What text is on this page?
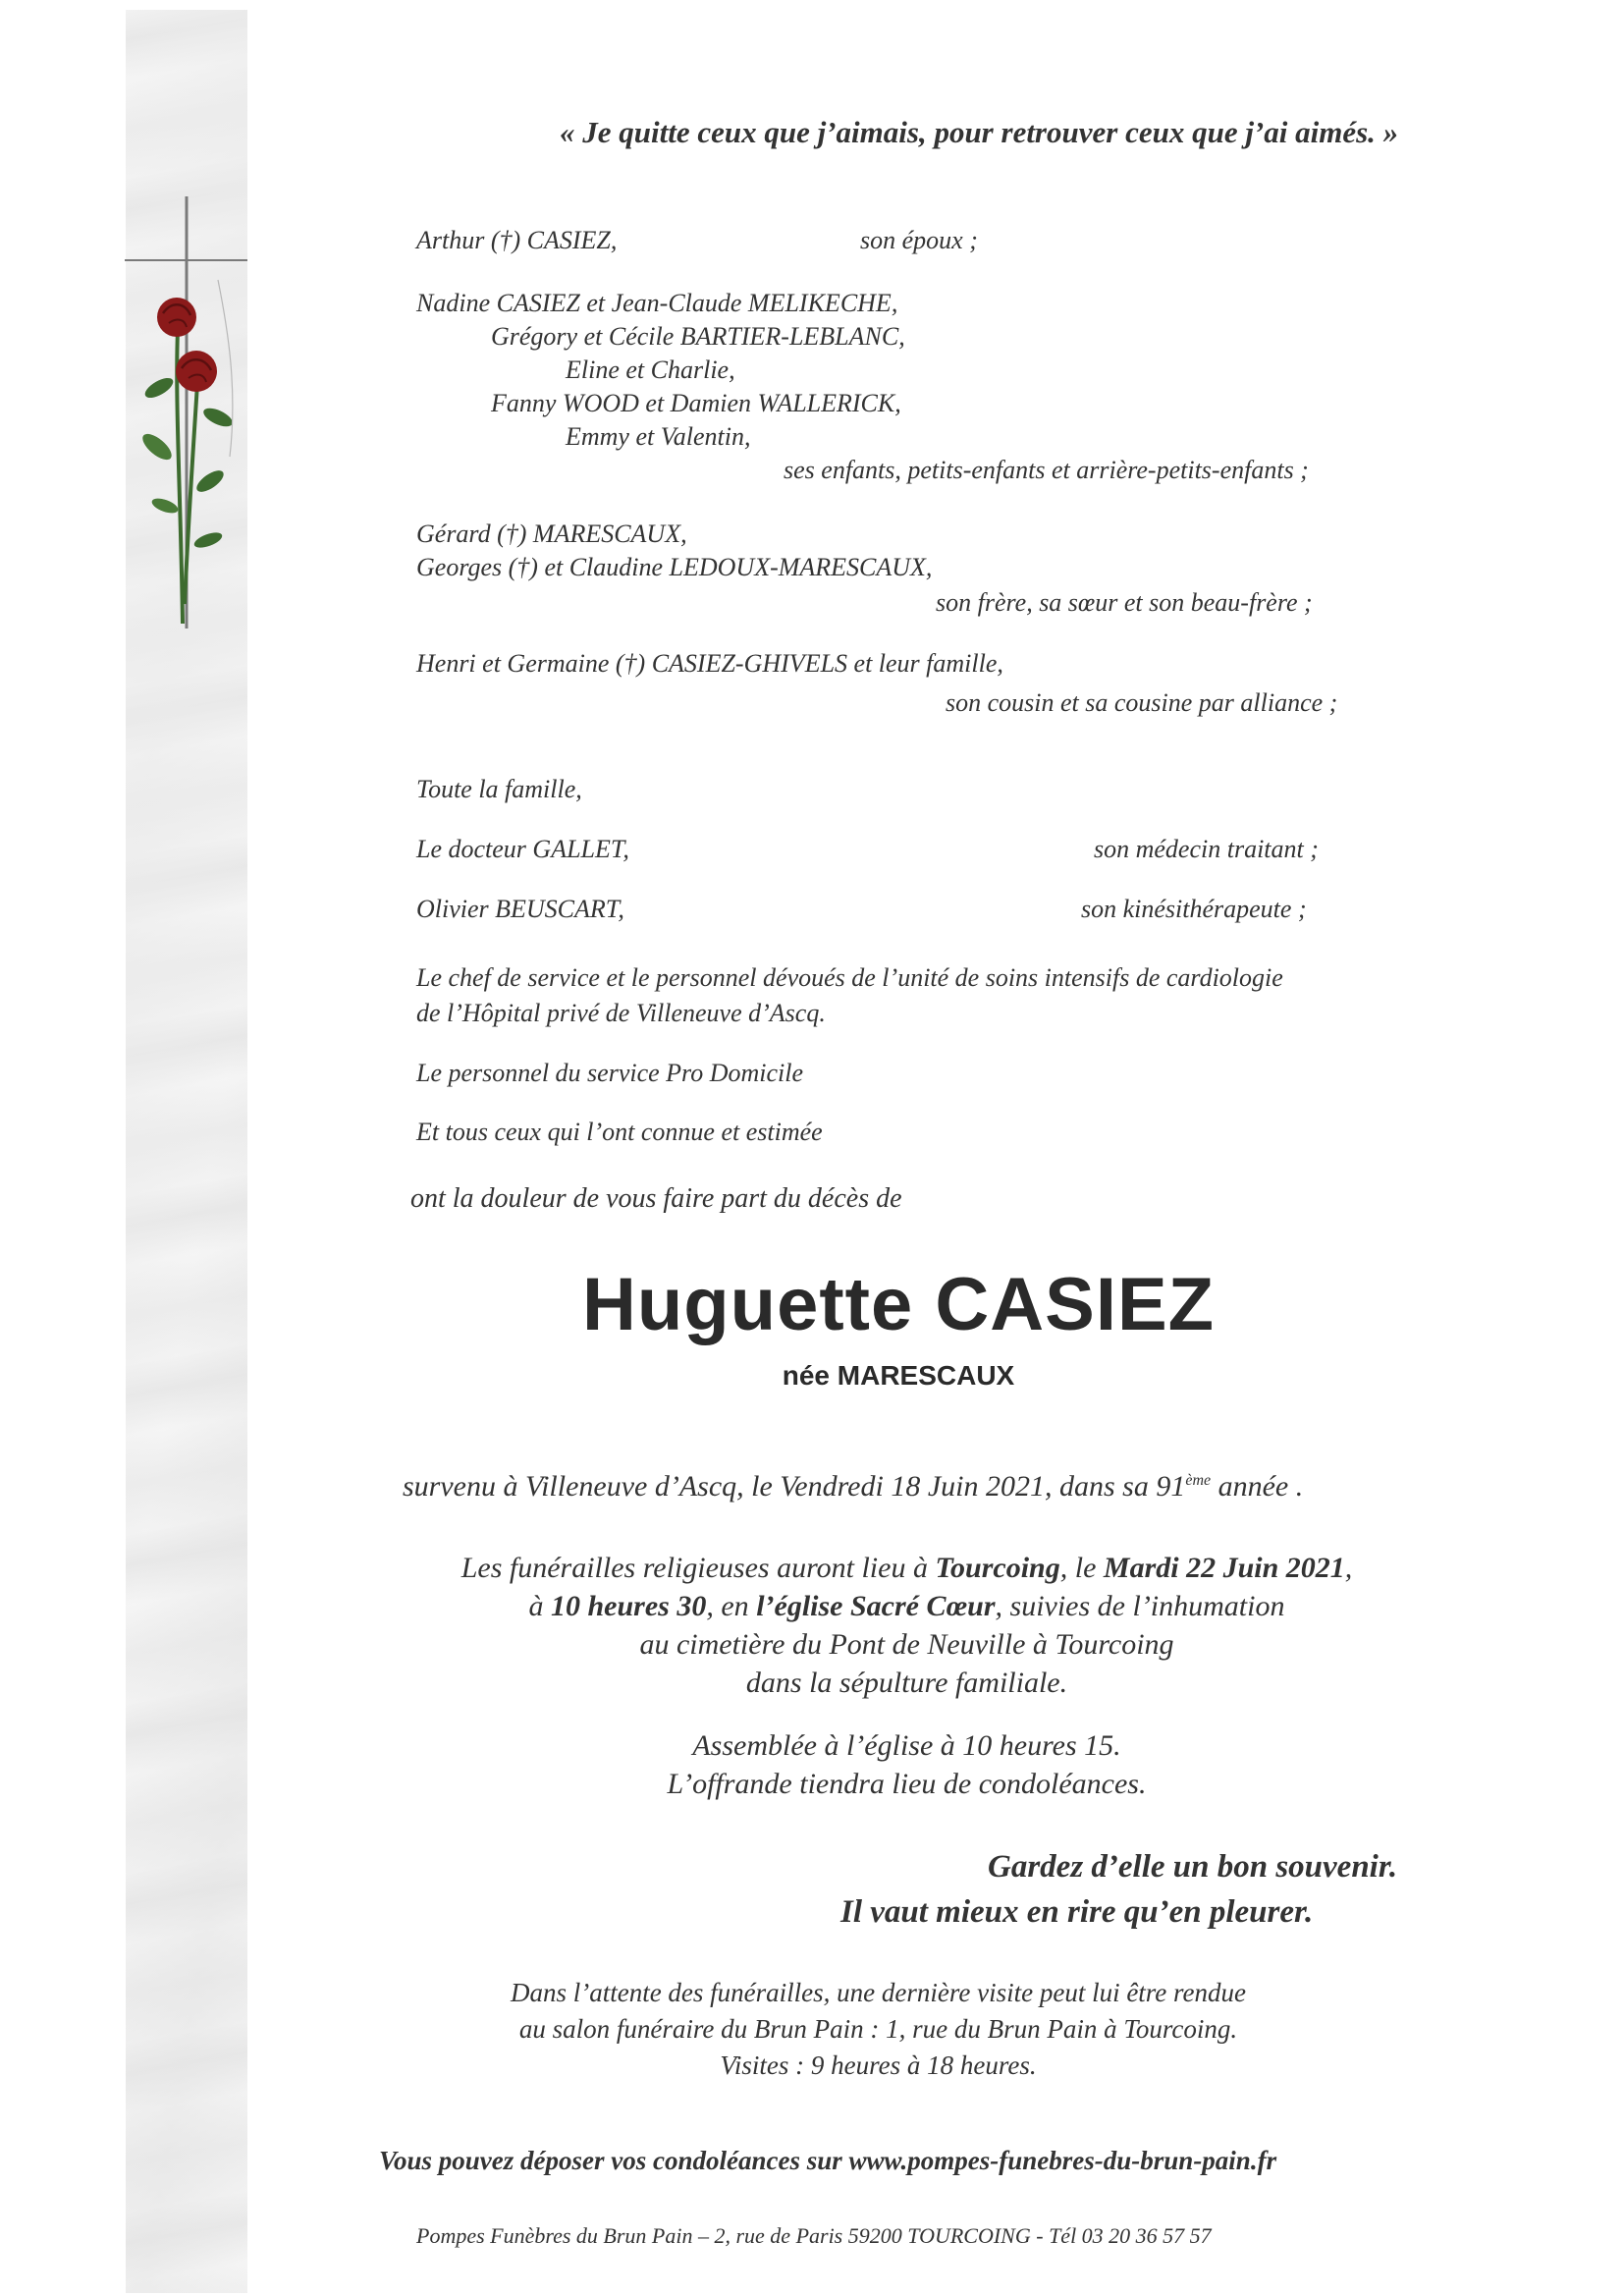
« Je quitte ceux que j’aimais, pour retrouver ceux que j’ai aimés. »
Arthur (†) CASIEZ,	son époux ;
Nadine CASIEZ et Jean-Claude MELIKECHE,
Grégory et Cécile BARTIER-LEBLANC,
Eline et Charlie,
Fanny WOOD et Damien WALLERICK,
Emmy et Valentin,
ses enfants, petits-enfants et arrière-petits-enfants ;
Gérard (†) MARESCAUX,
Georges (†) et Claudine LEDOUX-MARESCAUX,
son frère, sa sœur et son beau-frère ;
Henri et Germaine (†) CASIEZ-GHIVELS et leur famille,
son cousin et sa cousine par alliance ;
Toute la famille,
Le docteur GALLET,	son médecin traitant ;
Olivier BEUSCART,	son kinésithérapeute ;
Le chef de service et le personnel dévoués de l’unité de soins intensifs de cardiologie
de l’Hôpital privé de Villeneuve d’Ascq.
Le personnel du service Pro Domicile
Et tous ceux qui l’ont connue et estimée
ont la douleur de vous faire part du décès de
Huguette CASIEZ
née MARESCAUX
survenu à Villeneuve d’Ascq, le Vendredi 18 Juin 2021, dans sa 91ème année .
Les funérailles religieuses auront lieu à Tourcoing, le Mardi 22 Juin 2021,
à 10 heures 30, en l’église Sacré Cœur, suivies de l’inhumation
au cimetière du Pont de Neuville à Tourcoing
dans la sépulture familiale.
Assemblée à l’église à 10 heures 15.
L’offrande tiendra lieu de condoléances.
Gardez d’elle un bon souvenir.
Il vaut mieux en rire qu’en pleurer.
Dans l’attente des funérailles, une dernière visite peut lui être rendue
au salon funéraire du Brun Pain : 1, rue du Brun Pain à Tourcoing.
Visites : 9 heures à 18 heures.
Vous pouvez déposer vos condoléances sur www.pompes-funebres-du-brun-pain.fr
Pompes Funèbres du Brun Pain – 2, rue de Paris 59200 TOURCOING - Tél 03 20 36 57 57
